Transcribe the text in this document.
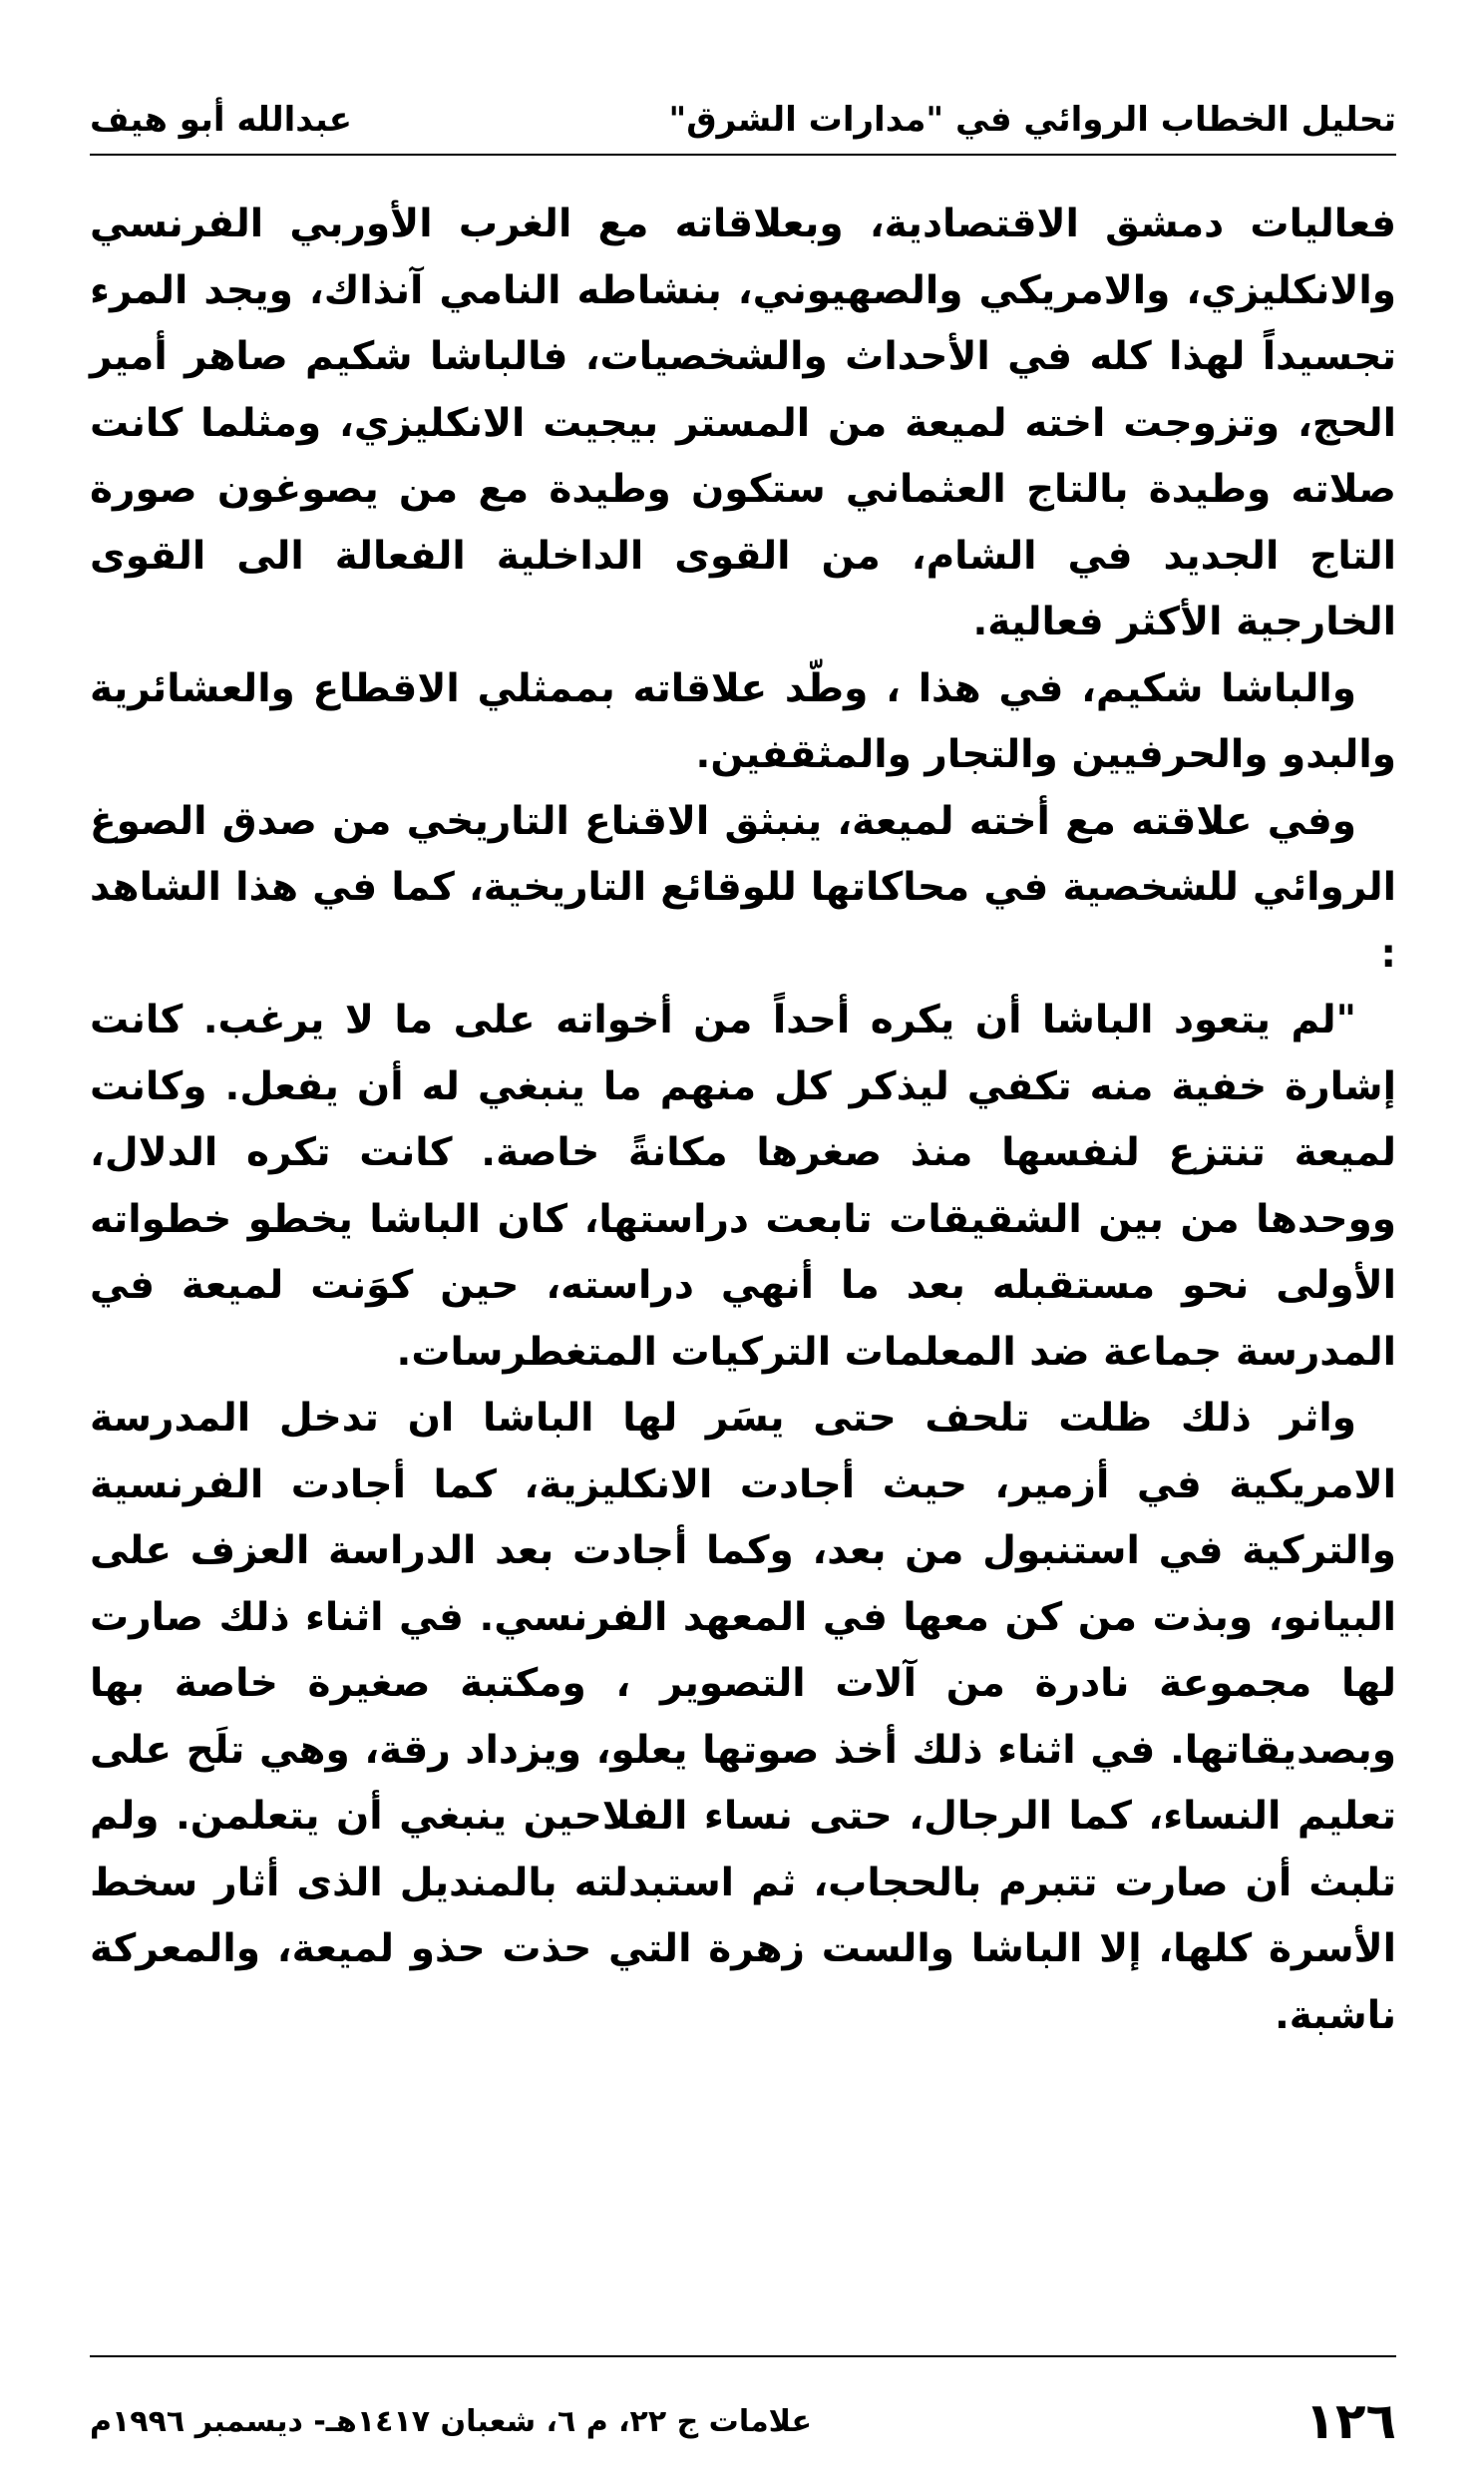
تحليل الخطاب الروائي في "مدارات الشرق"
عبدالله أبو هيف

فعاليات دمشق الاقتصادية، وبعلاقاته مع الغرب الأوربي الفرنسي والانكليزي، والامريكي والصهيوني، بنشاطه النامي آنذاك، ويجد المرء تجسيداً لهذا كله في الأحداث والشخصيات، فالباشا شكيم صاهر أمير الحج، وتزوجت اخته لميعة من المستر بيجيت الانكليزي، ومثلما كانت صلاته وطيدة بالتاج العثماني ستكون وطيدة مع من يصوغون صورة التاج الجديد في الشام، من القوى الداخلية الفعالة الى القوى الخارجية الأكثر فعالية.

والباشا شكيم، في هذا ، وطّد علاقاته بممثلي الاقطاع والعشائرية والبدو والحرفيين والتجار والمثقفين.

وفي علاقته مع أخته لميعة، ينبثق الاقناع التاريخي من صدق الصوغ الروائي للشخصية في محاكاتها للوقائع التاريخية، كما في هذا الشاهد :

"لم يتعود الباشا أن يكره أحداً من أخواته على ما لا يرغب. كانت إشارة خفية منه تكفي ليذكر كل منهم ما ينبغي له أن يفعل. وكانت لميعة تنتزع لنفسها منذ صغرها مكانةً خاصة. كانت تكره الدلال، ووحدها من بين الشقيقات تابعت دراستها، كان الباشا يخطو خطواته الأولى نحو مستقبله بعد ما أنهي دراسته، حين كوَنت لميعة في المدرسة جماعة ضد المعلمات التركيات المتغطرسات.

واثر ذلك ظلت تلحف حتى يسَر لها الباشا ان تدخل المدرسة الامريكية في أزمير، حيث أجادت الانكليزية، كما أجادت الفرنسية والتركية في استنبول من بعد، وكما أجادت بعد الدراسة العزف على البيانو، وبذت من كن معها في المعهد الفرنسي. في اثناء ذلك صارت لها مجموعة نادرة من آلات التصوير ، ومكتبة صغيرة خاصة بها وبصديقاتها. في اثناء ذلك أخذ صوتها يعلو، ويزداد رقة، وهي تلَح على تعليم النساء، كما الرجال، حتى نساء الفلاحين ينبغي أن يتعلمن. ولم تلبث أن صارت تتبرم بالحجاب، ثم استبدلته بالمنديل الذى أثار سخط الأسرة كلها، إلا الباشا والست زهرة التي حذت حذو لميعة، والمعركة ناشبة.

١٢٦
علامات ج ٢٢، م ٦، شعبان ١٤١٧هـ- ديسمبر ١٩٩٦م
